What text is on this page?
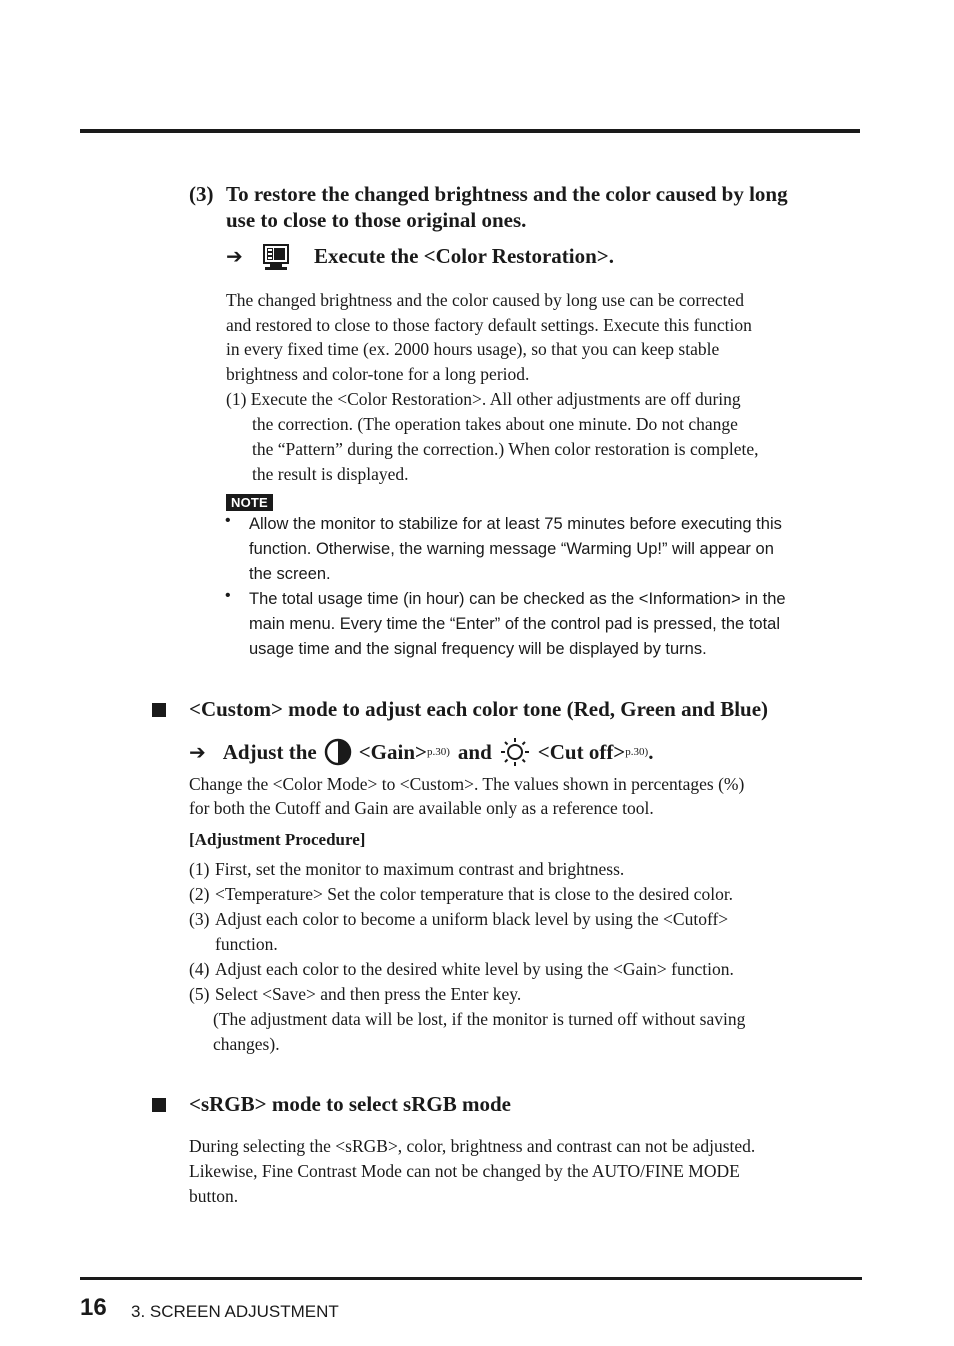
(3) To restore the changed brightness and the color caused by long
use to close to those original ones.
➔	Execute the <Color Restoration>.
The changed brightness and the color caused by long use can be corrected
and restored to close to those factory default settings. Execute this function
in every fixed time (ex. 2000 hours usage), so that you can keep stable
brightness and color-tone for a long period.
(1) Execute the <Color Restoration>. All other adjustments are off during
the correction. (The operation takes about one minute. Do not change
the “Pattern” during the correction.) When color restoration is complete,
the result is displayed.
NOTE
• Allow the monitor to stabilize for at least 75 minutes before executing this
function. Otherwise, the warning message “Warming Up!” will appear on
the screen.
• The total usage time (in hour) can be checked as the <Information> in the
main menu. Every time the “Enter” of the control pad is pressed, the total
usage time and the signal frequency will be displayed by turns.
<Custom> mode to adjust each color tone (Red, Green and Blue)
➔ Adjust the <Gain> p.30) and <Cut off> p.30) .
Change the <Color Mode> to <Custom>. The values shown in percentages (%)
for both the Cutoff and Gain are available only as a reference tool.
[Adjustment Procedure]
(1) First, set the monitor to maximum contrast and brightness.
(2) <Temperature> Set the color temperature that is close to the desired color.
(3) Adjust each color to become a uniform black level by using the <Cutoff>
function.
(4) Adjust each color to the desired white level by using the <Gain> function.
(5) Select <Save> and then press the Enter key.
(The adjustment data will be lost, if the monitor is turned off without saving
changes).
<sRGB> mode to select sRGB mode
During selecting the <sRGB>, color, brightness and contrast can not be adjusted.
Likewise, Fine Contrast Mode can not be changed by the AUTO/FINE MODE
button.
16 3. SCREEN ADJUSTMENT
